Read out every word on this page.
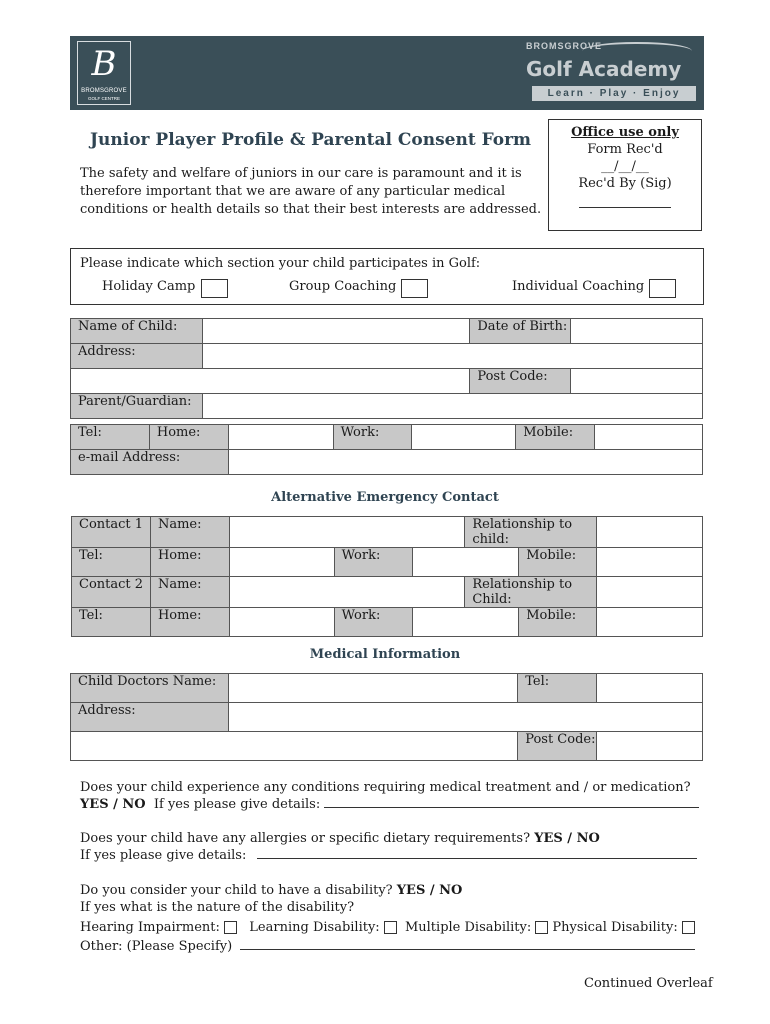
B
BROMSGROVE
GOLF CENTRE
BROMSGROVE
Golf Academy
Learn · Play · Enjoy
Junior Player Profile & Parental Consent Form
The safety and welfare of juniors in our care is paramount and it is therefore important that we are aware of any particular medical conditions or health details so that their best interests are addressed.
Office use only
Form Rec'd
__/__/__
Rec'd By (Sig)
Please indicate which section your child participates in Golf:
Holiday Camp	Group Coaching	Individual Coaching
Name of Child:		Date of Birth:	
Address:			
		Post Code:	
Parent/Guardian:			
Tel:	Home:		Work:		Mobile:	
e-mail Address:						
Alternative Emergency Contact
Contact 1	Name:				Relationship to child:		
Tel:	Home:		Work:			Mobile:	
Contact 2	Name:				Relationship to Child:		
Tel:	Home:		Work:			Mobile:	
Medical Information
Child Doctors Name:		Tel:	
Address:			
		Post Code:	
Does your child experience any conditions requiring medical treatment and / or medication?
YES / NO If yes please give details:
Does your child have any allergies or specific dietary requirements? YES / NO
If yes please give details:
Do you consider your child to have a disability? YES / NO
If yes what is the nature of the disability?
Hearing Impairment: Learning Disability: Multiple Disability: Physical Disability:
Other: (Please Specify)
Continued Overleaf
